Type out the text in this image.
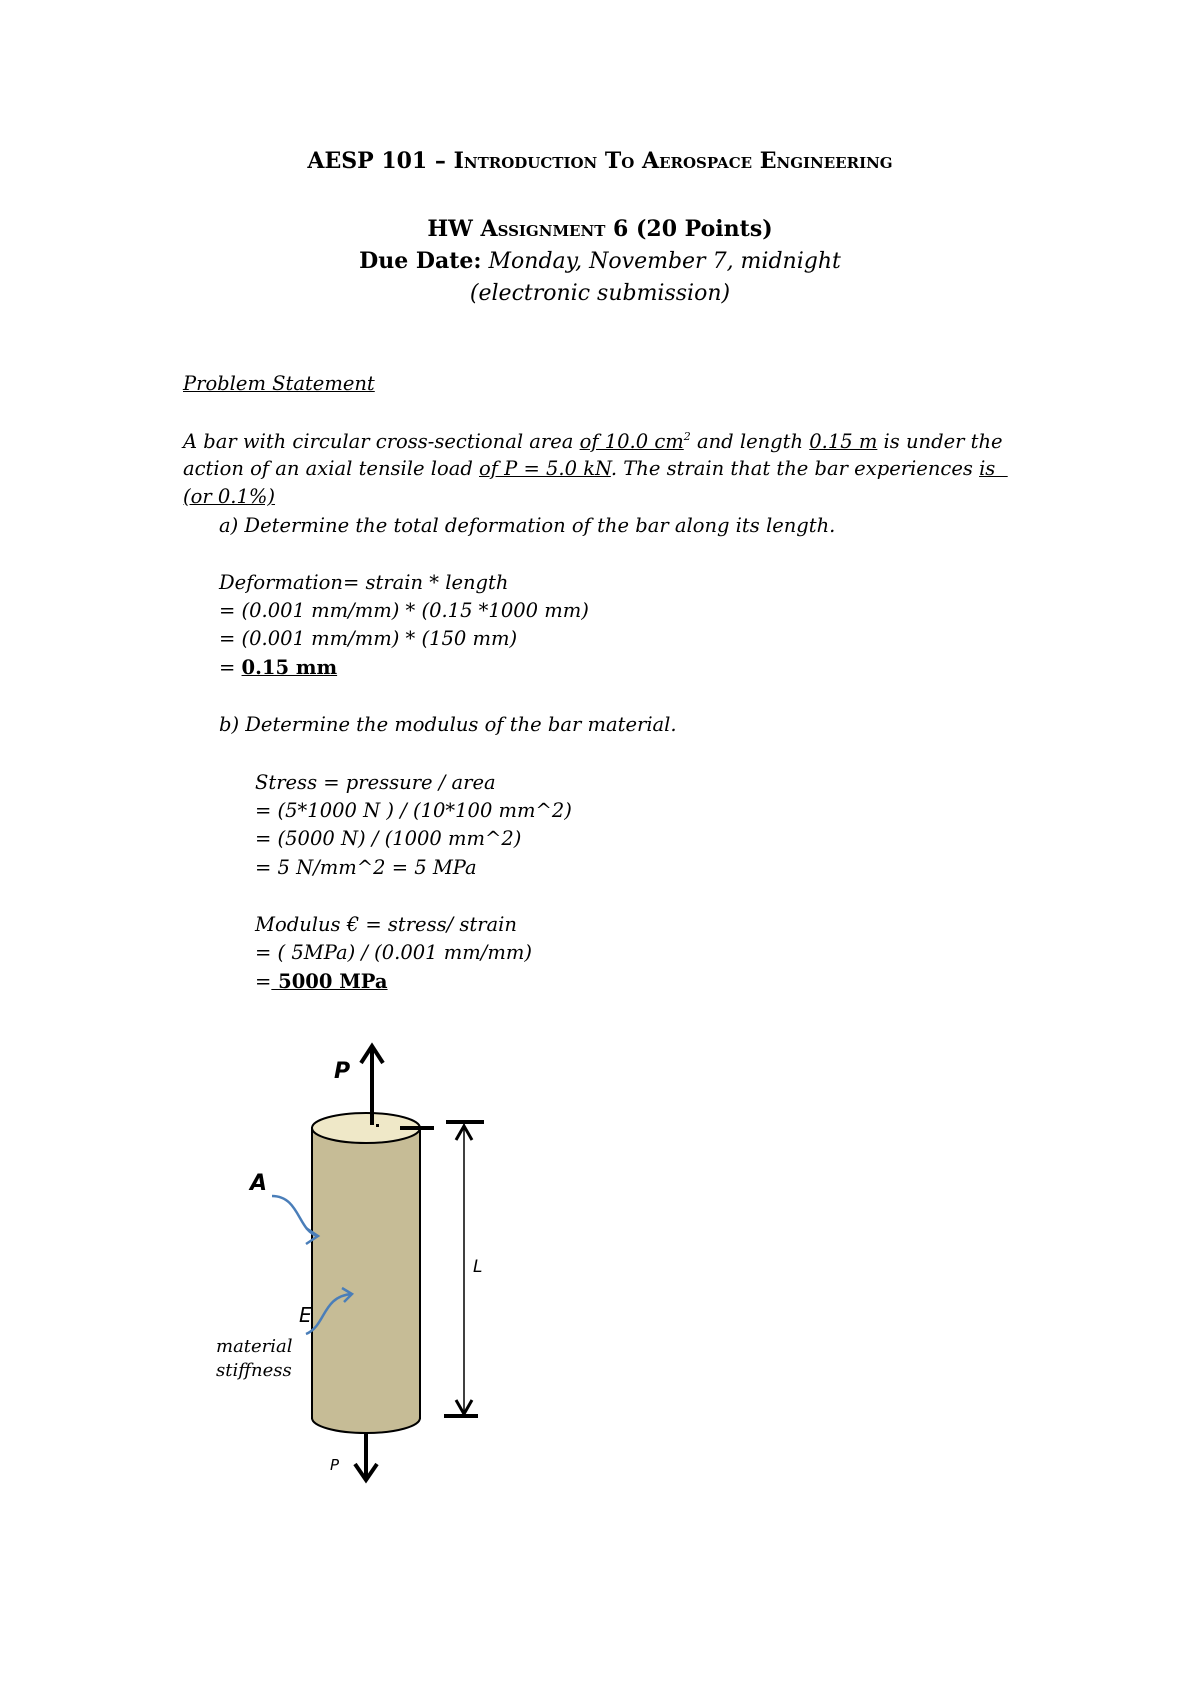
AESP 101 – Introduction To Aerospace Engineering
HW Assignment 6 (20 Points)
Due Date: Monday, November 7, midnight
(electronic submission)
Problem Statement
A bar with circular cross-sectional area of 10.0 $cm^2$ and length 0.15 m is under the
action of an axial tensile load of P = 5.0 kN. The strain that the bar experiences is
(or 0.1%)
a) Determine the total deformation of the bar along its length.
Deformation= strain * length
= (0.001 mm/mm) * (0.15 *1000 mm)
= (0.001 mm/mm) * (150 mm)
= 0.15 mm
b) Determine the modulus of the bar material.
Stress = pressure / area
= (5*1000 N ) / (10*100 mm^2)
= (5000 N) / (1000 mm^2)
= 5 N/mm^2 = 5 MPa
Modulus € = stress/ strain
= ( 5MPa) / (0.001 mm/mm)
= 5000 MPa
P
P
A
E
L
material
stiffness
